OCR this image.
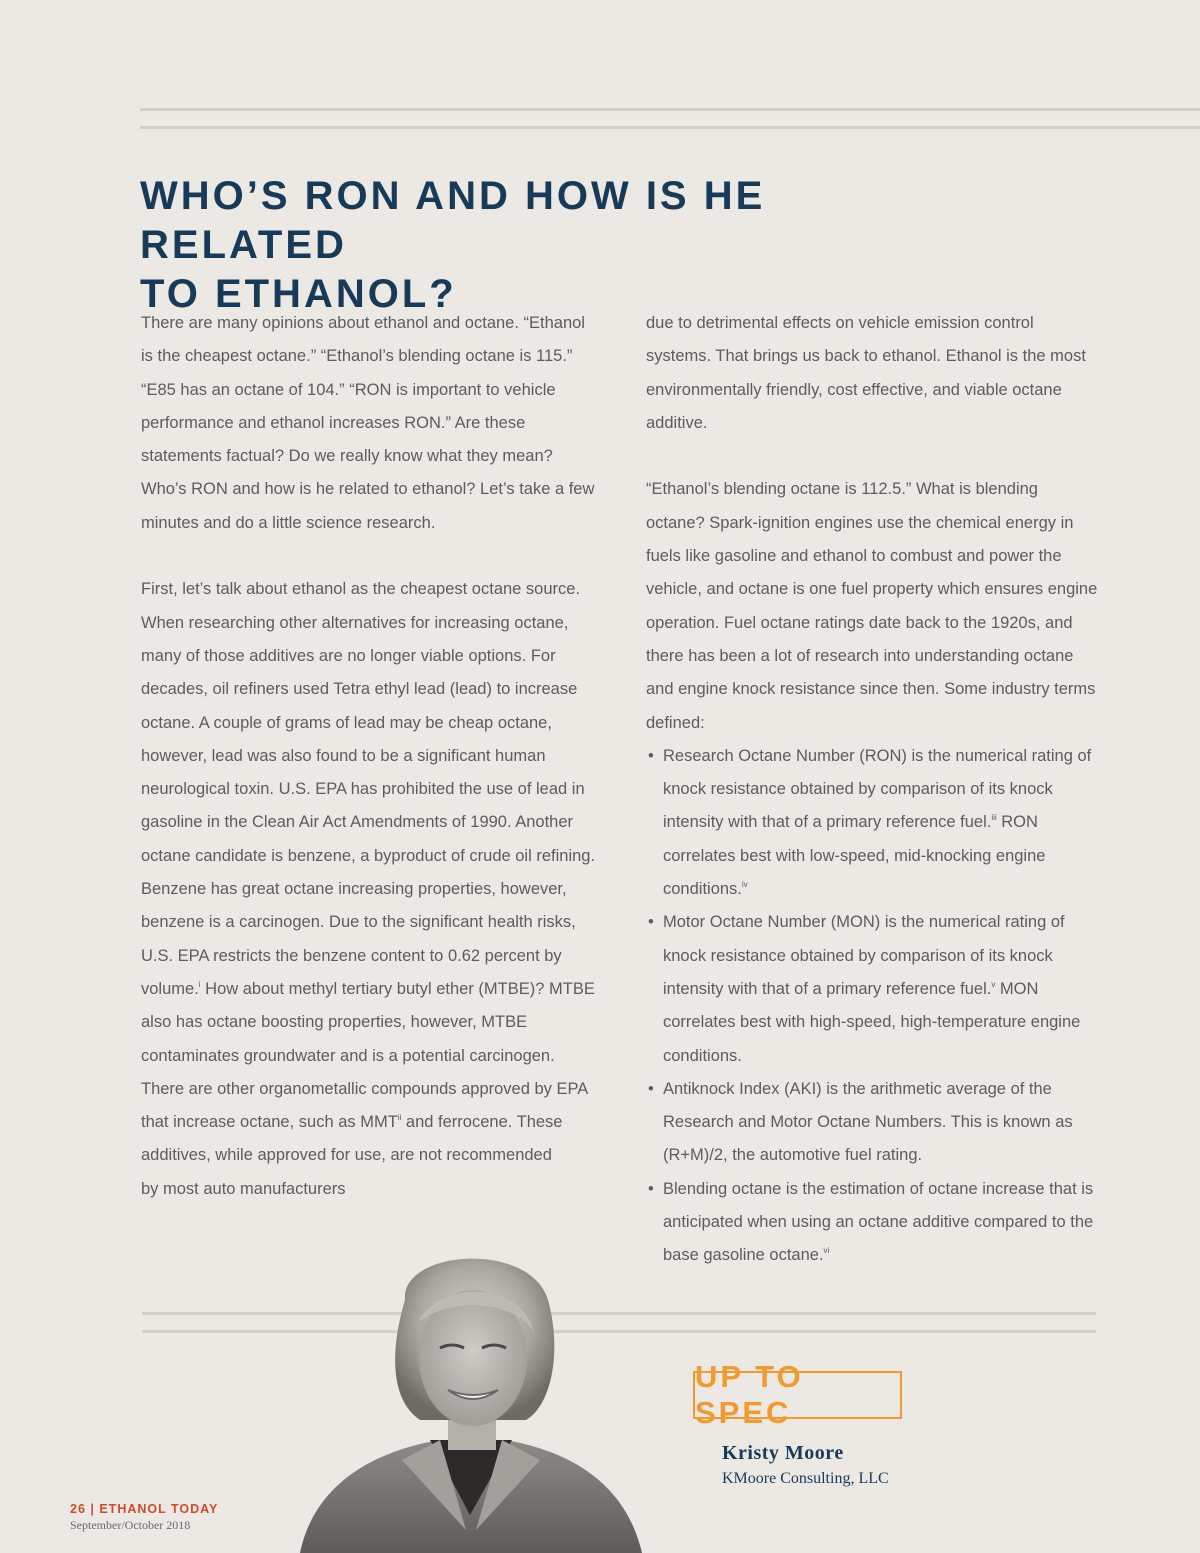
WHO’S RON AND HOW IS HE RELATED
TO ETHANOL?

There are many opinions about ethanol and octane. “Ethanol is the cheapest octane.” “Ethanol’s blending octane is 115.” “E85 has an octane of 104.” “RON is important to vehicle performance and ethanol increases RON.” Are these statements factual? Do we really know what they mean? Who’s RON and how is he related to ethanol? Let’s take a few minutes and do a little science research.

First, let’s talk about ethanol as the cheapest octane source. When researching other alternatives for increasing octane, many of those additives are no longer viable options. For decades, oil refiners used Tetra ethyl lead (lead) to increase octane. A couple of grams of lead may be cheap octane, however, lead was also found to be a significant human neurological toxin. U.S. EPA has prohibited the use of lead in gasoline in the Clean Air Act Amendments of 1990. Another octane candidate is benzene, a byproduct of crude oil refining. Benzene has great octane increasing properties, however, benzene is a carcinogen. Due to the significant health risks, U.S. EPA restricts the benzene content to 0.62 percent by volume.$^i$ How about methyl tertiary butyl ether (MTBE)? MTBE also has octane boosting properties, however, MTBE contaminates groundwater and is a potential carcinogen. There are other organometallic compounds approved by EPA that increase octane, such as MMT$^{ii}$ and ferrocene. These additives, while approved for use, are not recommended
by most auto manufacturers

due to detrimental effects on vehicle emission control systems. That brings us back to ethanol. Ethanol is the most environmentally friendly, cost effective, and viable octane additive.

“Ethanol’s blending octane is 112.5.” What is blending octane? Spark-ignition engines use the chemical energy in fuels like gasoline and ethanol to combust and power the vehicle, and octane is one fuel property which ensures engine operation. Fuel octane ratings date back to the 1920s, and there has been a lot of research into understanding octane and engine knock resistance since then. Some industry terms defined:

• Research Octane Number (RON) is the numerical rating of knock resistance obtained by comparison of its knock intensity with that of a primary reference fuel.$^{iii}$ RON correlates best with low-speed, mid-knocking engine conditions.$^{iv}$
• Motor Octane Number (MON) is the numerical rating of knock resistance obtained by comparison of its knock intensity with that of a primary reference fuel.$^v$ MON correlates best with high-speed, high-temperature engine conditions.
• Antiknock Index (AKI) is the arithmetic average of the Research and Motor Octane Numbers. This is known as (R+M)/2, the automotive fuel rating.
• Blending octane is the estimation of octane increase that is anticipated when using an octane additive compared to the base gasoline octane.$^{vi}$
UP TO SPEC
Kristy Moore
KMoore Consulting, LLC
26 | ETHANOL TODAY
September/October 2018
